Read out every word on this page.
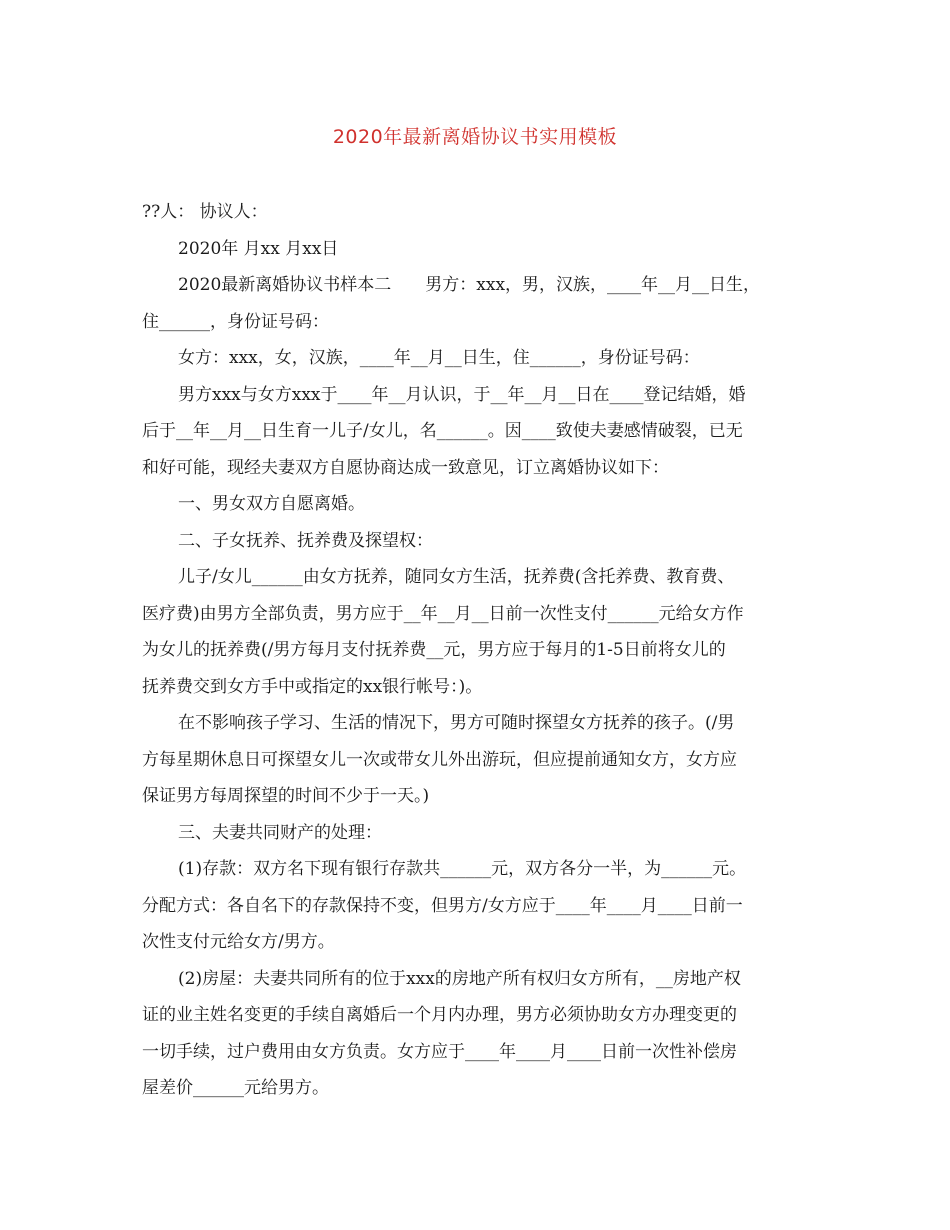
2020年最新离婚协议书实用模板

??人： 协议人：

2020年 月xx 月xx日

2020最新离婚协议书样本二　　男方：xxx，男，汉族，____年__月__日生，

住______，身份证号码：

女方：xxx，女，汉族，____年__月__日生，住______，身份证号码：

男方xxx与女方xxx于____年__月认识，于__年__月__日在____登记结婚，婚

后于__年__月__日生育一儿子/女儿，名______。因____致使夫妻感情破裂，已无

和好可能，现经夫妻双方自愿协商达成一致意见，订立离婚协议如下：

一、男女双方自愿离婚。

二、子女抚养、抚养费及探望权：

儿子/女儿______由女方抚养，随同女方生活，抚养费(含托养费、教育费、

医疗费)由男方全部负责，男方应于__年__月__日前一次性支付______元给女方作

为女儿的抚养费(/男方每月支付抚养费__元，男方应于每月的1-5日前将女儿的

抚养费交到女方手中或指定的xx银行帐号：)。

在不影响孩子学习、生活的情况下，男方可随时探望女方抚养的孩子。(/男

方每星期休息日可探望女儿一次或带女儿外出游玩，但应提前通知女方，女方应

保证男方每周探望的时间不少于一天。)

三、夫妻共同财产的处理：

(1)存款：双方名下现有银行存款共______元，双方各分一半，为______元。

分配方式：各自名下的存款保持不变，但男方/女方应于____年____月____日前一

次性支付元给女方/男方。

(2)房屋：夫妻共同所有的位于xxx的房地产所有权归女方所有，__房地产权

证的业主姓名变更的手续自离婚后一个月内办理，男方必须协助女方办理变更的

一切手续，过户费用由女方负责。女方应于____年____月____日前一次性补偿房

屋差价______元给男方。
